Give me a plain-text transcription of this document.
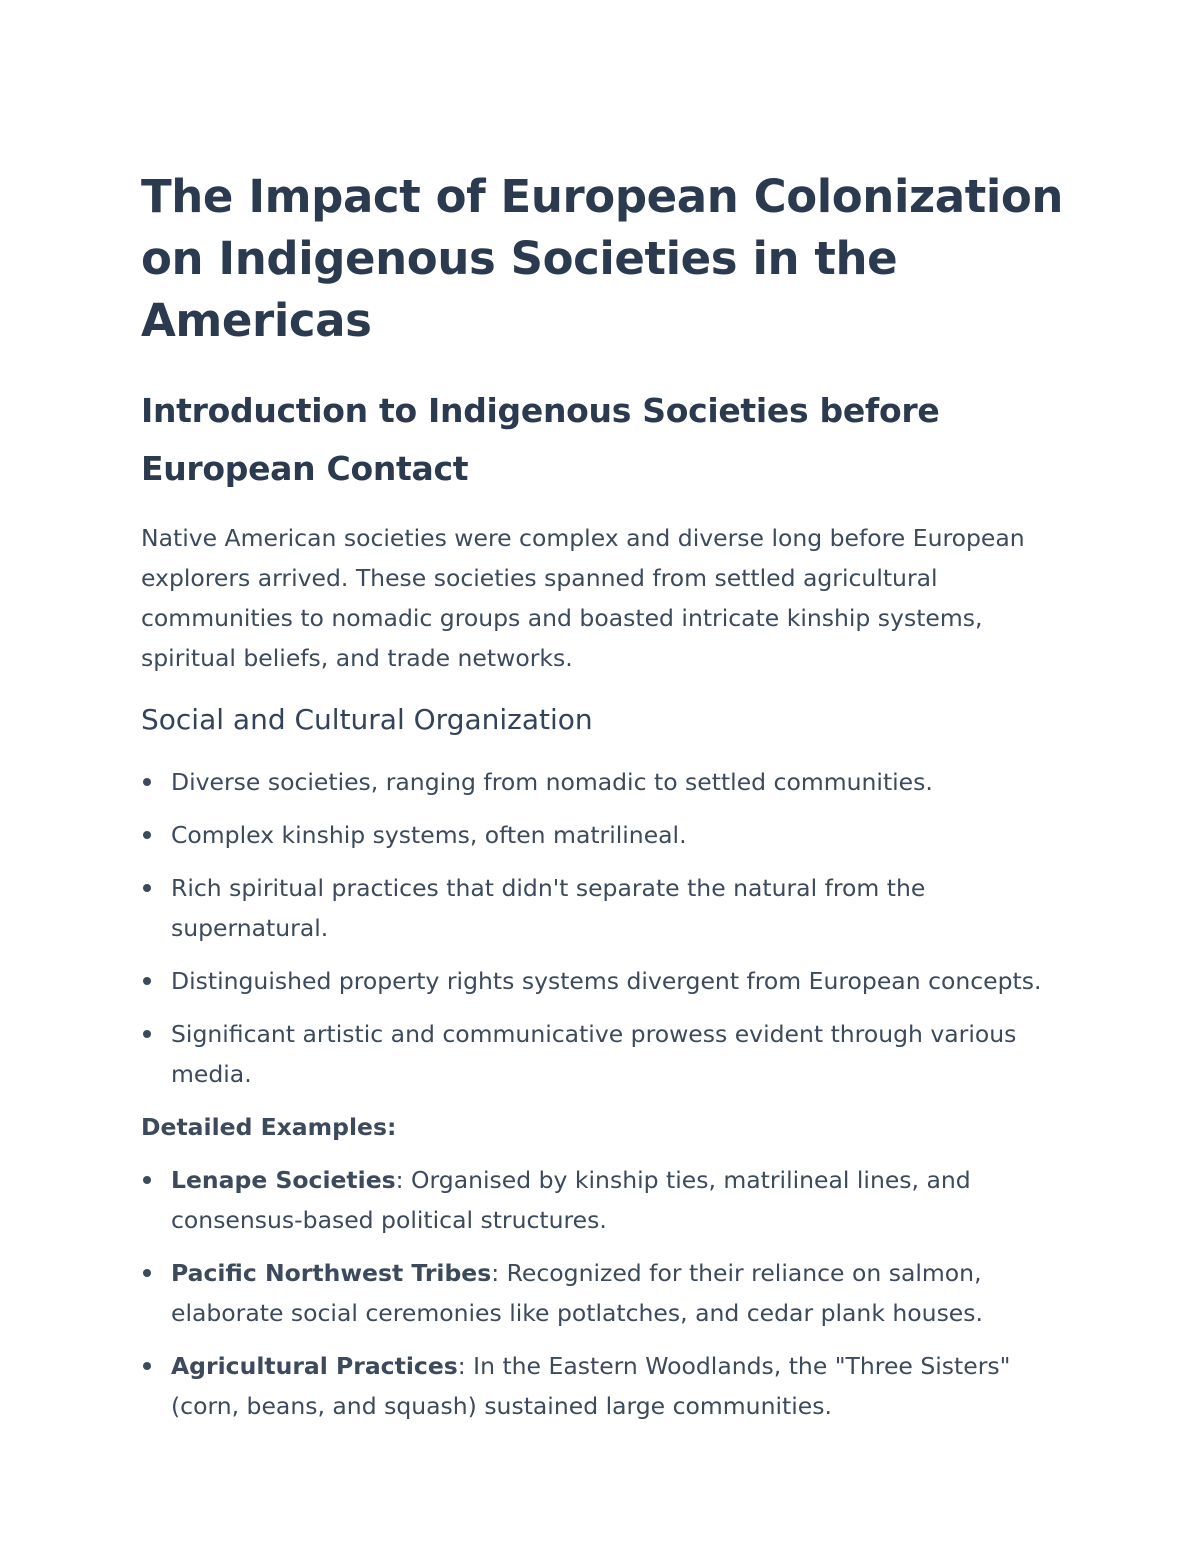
The Impact of European Colonization on Indigenous Societies in the Americas
Introduction to Indigenous Societies before European Contact

Native American societies were complex and diverse long before European explorers arrived. These societies spanned from settled agricultural communities to nomadic groups and boasted intricate kinship systems, spiritual beliefs, and trade networks.

Social and Cultural Organization
Diverse societies, ranging from nomadic to settled communities.
Complex kinship systems, often matrilineal.
Rich spiritual practices that didn't separate the natural from the supernatural.
Distinguished property rights systems divergent from European concepts.
Significant artistic and communicative prowess evident through various media.

Detailed Examples:

Lenape Societies: Organised by kinship ties, matrilineal lines, and consensus-based political structures.
Pacific Northwest Tribes: Recognized for their reliance on salmon, elaborate social ceremonies like potlatches, and cedar plank houses.
Agricultural Practices: In the Eastern Woodlands, the "Three Sisters" (corn, beans, and squash) sustained large communities.
